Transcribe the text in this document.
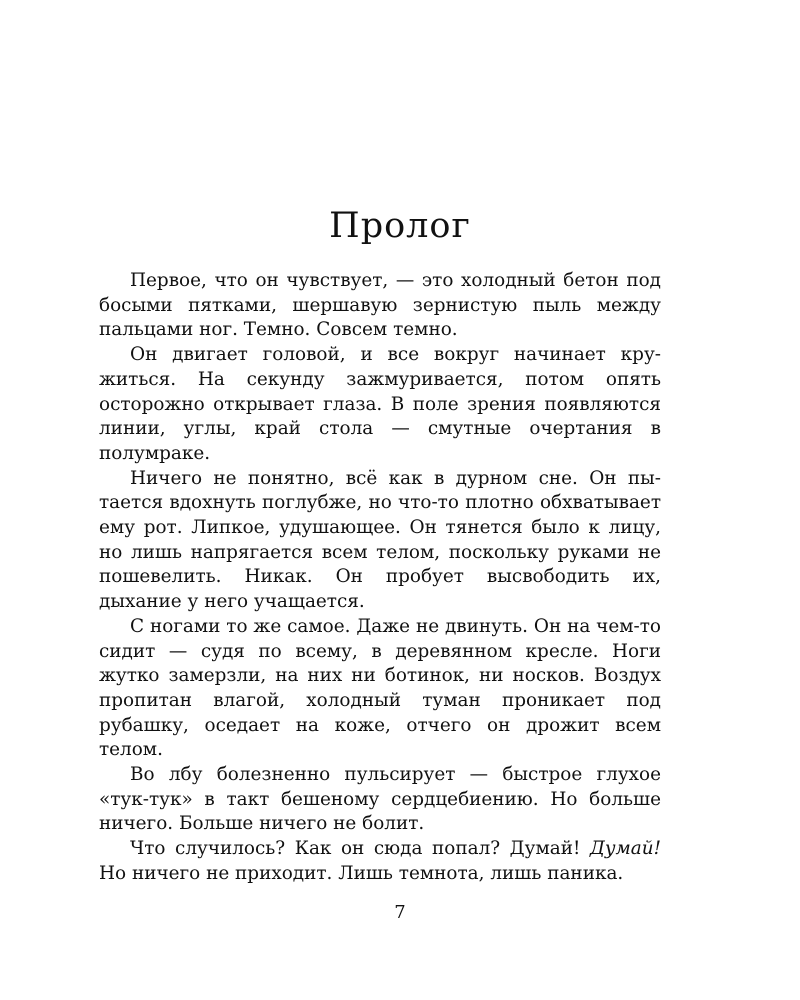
Пролог

Первое, что он чувствует, — это холодный бетон под босыми пятками, шершавую зернистую пыль между пальцами ног. Темно. Совсем темно.

Он двигает головой, и все вокруг начинает кружиться. На секунду зажмуривается, потом опять осторожно открывает глаза. В поле зрения появляются линии, углы, край стола — смутные очертания в полумраке.

Ничего не понятно, всё как в дурном сне. Он пытается вдохнуть поглубже, но что-то плотно обхватывает ему рот. Липкое, удушающее. Он тянется было к лицу, но лишь напрягается всем телом, поскольку руками не пошевелить. Никак. Он пробует высвободить их, дыхание у него учащается.

С ногами то же самое. Даже не двинуть. Он на чем-то сидит — судя по всему, в деревянном кресле. Ноги жутко замерзли, на них ни ботинок, ни носков. Воздух пропитан влагой, холодный туман проникает под рубашку, оседает на коже, отчего он дрожит всем телом.

Во лбу болезненно пульсирует — быстрое глухое «тук-тук» в такт бешеному сердцебиению. Но больше ничего. Больше ничего не болит.

Что случилось? Как он сюда попал? Думай! Думай! Но ничего не приходит. Лишь темнота, лишь паника.

7
